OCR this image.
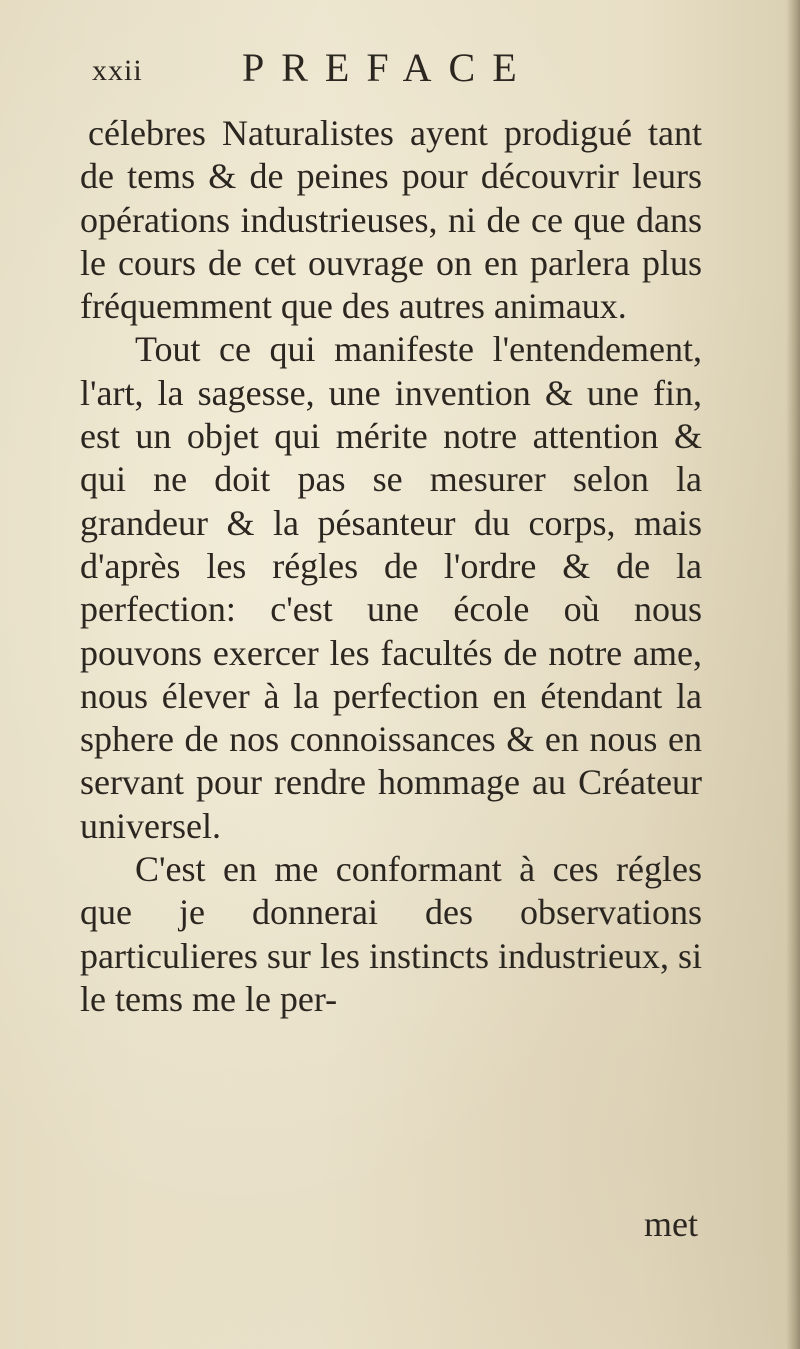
xxii PREFACE

célebres Naturalistes ayent prodigué tant de tems & de peines pour découvrir leurs opérations industrieuses, ni de ce que dans le cours de cet ouvrage on en parlera plus fréquemment que des autres animaux.

Tout ce qui manifeste l'entendement, l'art, la sagesse, une invention & une fin, est un objet qui mérite notre attention & qui ne doit pas se mesurer selon la grandeur & la pésanteur du corps, mais d'après les régles de l'ordre & de la perfection: c'est une école où nous pouvons exercer les facultés de notre ame, nous élever à la perfection en étendant la sphere de nos connoissances & en nous en servant pour rendre hommage au Créateur universel.

C'est en me conformant à ces régles que je donnerai des observations particulieres sur les instincts industrieux, si le tems me le per-

met
